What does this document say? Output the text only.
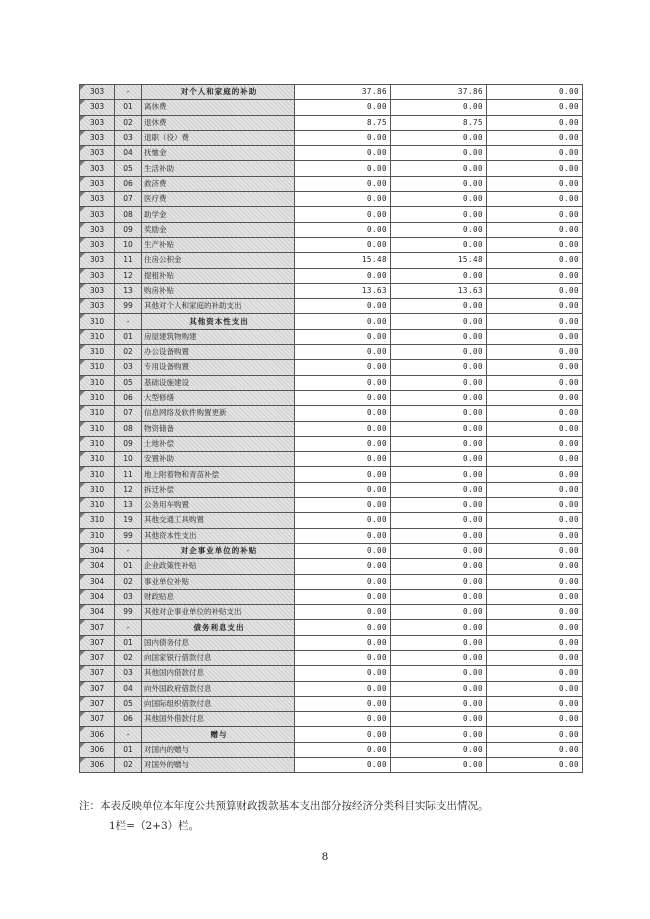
303	-	对个人和家庭的补助	37.86	37.86	0.00
303	01	离休费	0.00	0.00	0.00
303	02	退休费	8.75	8.75	0.00
303	03	退职（役）费	0.00	0.00	0.00
303	04	抚恤金	0.00	0.00	0.00
303	05	生活补助	0.00	0.00	0.00
303	06	救济费	0.00	0.00	0.00
303	07	医疗费	0.00	0.00	0.00
303	08	助学金	0.00	0.00	0.00
303	09	奖励金	0.00	0.00	0.00
303	10	生产补贴	0.00	0.00	0.00
303	11	住房公积金	15.48	15.48	0.00
303	12	提租补贴	0.00	0.00	0.00
303	13	购房补贴	13.63	13.63	0.00
303	99	其他对个人和家庭的补助支出	0.00	0.00	0.00
310	-	其他资本性支出	0.00	0.00	0.00
310	01	房屋建筑物购建	0.00	0.00	0.00
310	02	办公设备购置	0.00	0.00	0.00
310	03	专用设备购置	0.00	0.00	0.00
310	05	基础设施建设	0.00	0.00	0.00
310	06	大型修缮	0.00	0.00	0.00
310	07	信息网络及软件购置更新	0.00	0.00	0.00
310	08	物资储备	0.00	0.00	0.00
310	09	土地补偿	0.00	0.00	0.00
310	10	安置补助	0.00	0.00	0.00
310	11	地上附着物和青苗补偿	0.00	0.00	0.00
310	12	拆迁补偿	0.00	0.00	0.00
310	13	公务用车购置	0.00	0.00	0.00
310	19	其他交通工具购置	0.00	0.00	0.00
310	99	其他资本性支出	0.00	0.00	0.00
304	-	对企事业单位的补贴	0.00	0.00	0.00
304	01	企业政策性补贴	0.00	0.00	0.00
304	02	事业单位补贴	0.00	0.00	0.00
304	03	财政贴息	0.00	0.00	0.00
304	99	其他对企事业单位的补贴支出	0.00	0.00	0.00
307	-	债务利息支出	0.00	0.00	0.00
307	01	国内债务付息	0.00	0.00	0.00
307	02	向国家银行借款付息	0.00	0.00	0.00
307	03	其他国内借款付息	0.00	0.00	0.00
307	04	向外国政府借款付息	0.00	0.00	0.00
307	05	向国际组织借款付息	0.00	0.00	0.00
307	06	其他国外借款付息	0.00	0.00	0.00
306	-	赠与	0.00	0.00	0.00
306	01	对国内的赠与	0.00	0.00	0.00
306	02	对国外的赠与	0.00	0.00	0.00
注：本表反映单位本年度公共预算财政拨款基本支出部分按经济分类科目实际支出情况。
1栏=（2+3）栏。
8
